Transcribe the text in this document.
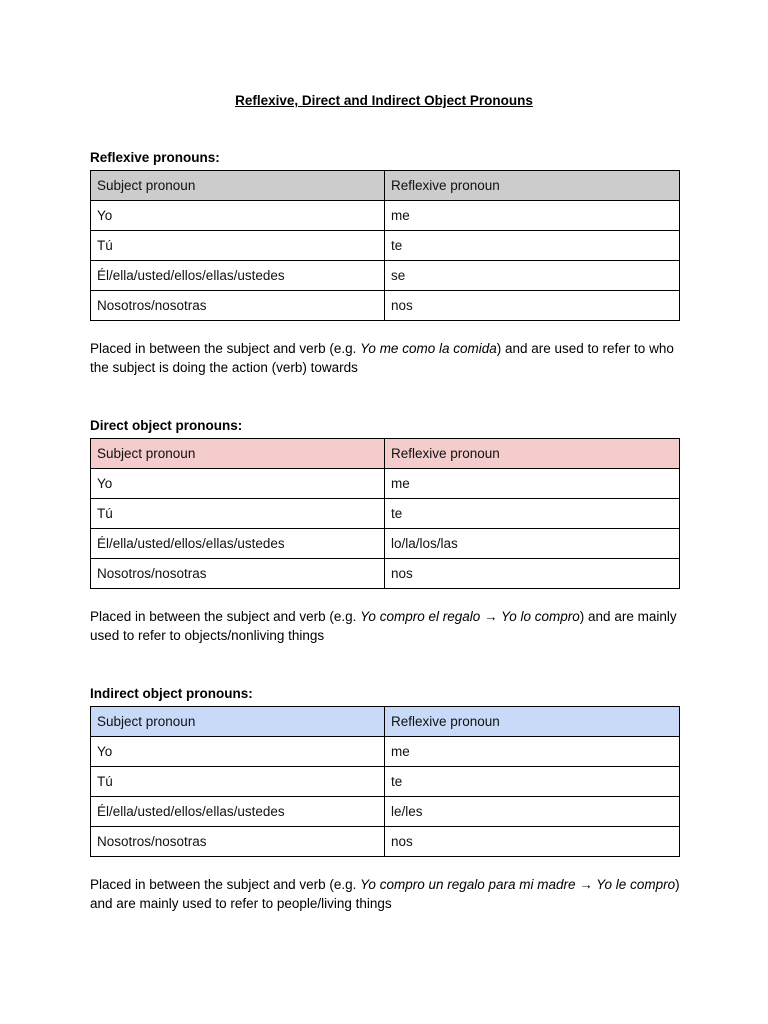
Reflexive, Direct and Indirect Object Pronouns
Reflexive pronouns:
Subject pronoun	Reflexive pronoun
Yo	me
Tú	te
Él/ella/usted/ellos/ellas/ustedes	se
Nosotros/nosotras	nos
Placed in between the subject and verb (e.g. Yo me como la comida) and are used to refer to who the subject is doing the action (verb) towards
Direct object pronouns:
Subject pronoun	Reflexive pronoun
Yo	me
Tú	te
Él/ella/usted/ellos/ellas/ustedes	lo/la/los/las
Nosotros/nosotras	nos
Placed in between the subject and verb (e.g. Yo compro el regalo → Yo lo compro) and are mainly used to refer to objects/nonliving things
Indirect object pronouns:
Subject pronoun	Reflexive pronoun
Yo	me
Tú	te
Él/ella/usted/ellos/ellas/ustedes	le/les
Nosotros/nosotras	nos
Placed in between the subject and verb (e.g. Yo compro un regalo para mi madre → Yo le compro) and are mainly used to refer to people/living things
